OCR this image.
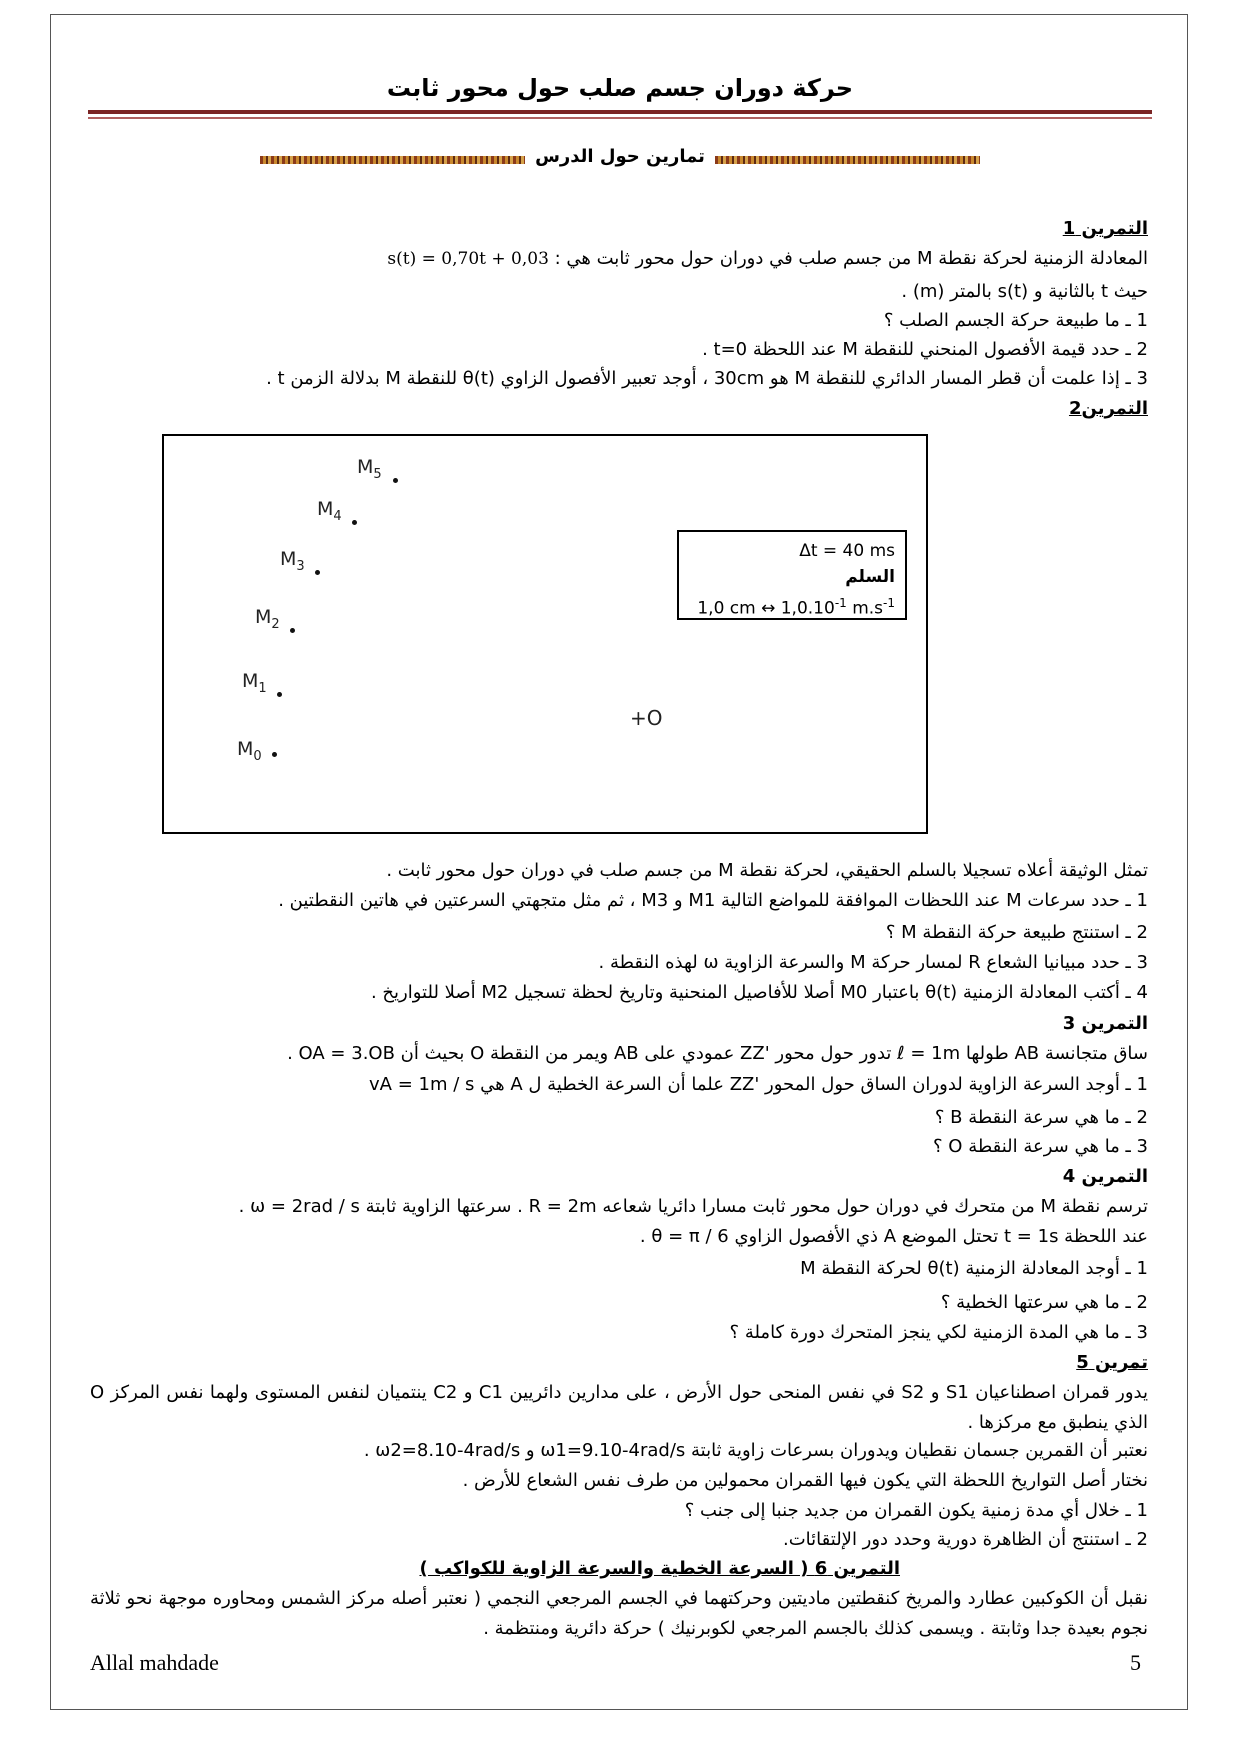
حركة دوران جسم صلب حول محور ثابت
تمارين حول الدرس
التمرين 1
المعادلة الزمنية لحركة نقطة M من جسم صلب في دوران حول محور ثابت هي : s(t) = 0,70t + 0,03
حيث t بالثانية و s(t) بالمتر (m) .
1 ـ ما طبيعة حركة الجسم الصلب ؟
2 ـ حدد قيمة الأفصول المنحني للنقطة M عند اللحظة t=0 .
3 ـ إذا علمت أن قطر المسار الدائري للنقطة M هو 30cm ، أوجد تعبير الأفصول الزاوي θ(t) للنقطة M بدلالة الزمن t .
التمرين2
$M_5$
$M_4$
$M_3$
$M_2$
$M_1$
$M_0$
+O
Δt = 40 ms
السلم
1,0 cm ↔ $1,0.10^{-1}$ $m.s^{-1}$
تمثل الوثيقة أعلاه تسجيلا بالسلم الحقيقي، لحركة نقطة M من جسم صلب في دوران حول محور ثابت .
1 ـ حدد سرعات M عند اللحظات الموافقة للمواضع التالية M1 و M3 ، ثم مثل متجهتي السرعتين في هاتين النقطتين .
2 ـ استنتج طبيعة حركة النقطة M ؟
3 ـ حدد مبيانيا الشعاع R لمسار حركة M والسرعة الزاوية ω لهذه النقطة .
4 ـ أكتب المعادلة الزمنية θ(t) باعتبار M0 أصلا للأفاصيل المنحنية وتاريخ لحظة تسجيل M2 أصلا للتواريخ .
التمرين 3
ساق متجانسة AB طولها ℓ = 1m تدور حول محور 'ZZ عمودي على AB ويمر من النقطة O بحيث أن OA = 3.OB .
1 ـ أوجد السرعة الزاوية لدوران الساق حول المحور 'ZZ علما أن السرعة الخطية ل A هي vA = 1m / s
2 ـ ما هي سرعة النقطة B ؟
3 ـ ما هي سرعة النقطة O ؟
التمرين 4
ترسم نقطة M من متحرك في دوران حول محور ثابت مسارا دائريا شعاعه R = 2m . سرعتها الزاوية ثابتة ω = 2rad / s .
عند اللحظة t = 1s تحتل الموضع A ذي الأفصول الزاوي θ = π / 6 .
1 ـ أوجد المعادلة الزمنية θ(t) لحركة النقطة M
2 ـ ما هي سرعتها الخطية ؟
3 ـ ما هي المدة الزمنية لكي ينجز المتحرك دورة كاملة ؟
تمرين 5
يدور قمران اصطناعيان S1 و S2 في نفس المنحى حول الأرض ، على مدارين دائريين C1 و C2 ينتميان لنفس المستوى ولهما نفس المركز O الذي ينطبق مع مركزها .
نعتبر أن القمرين جسمان نقطيان ويدوران بسرعات زاوية ثابتة ω1=9.10-4rad/s و ω2=8.10-4rad/s .
نختار أصل التواريخ اللحظة التي يكون فيها القمران محمولين من طرف نفس الشعاع للأرض .
1 ـ خلال أي مدة زمنية يكون القمران من جديد جنبا إلى جنب ؟
2 ـ استنتج أن الظاهرة دورية وحدد دور الإلتقائات.
التمرين 6 ( السرعة الخطية والسرعة الزاوية للكواكب )
نقبل أن الكوكبين عطارد والمريخ كنقطتين ماديتين وحركتهما في الجسم المرجعي النجمي ( نعتبر أصله مركز الشمس ومحاوره موجهة نحو ثلاثة نجوم بعيدة جدا وثابتة . ويسمى كذلك بالجسم المرجعي لكوبرنيك ) حركة دائرية ومنتظمة .
Allal mahdade	5
